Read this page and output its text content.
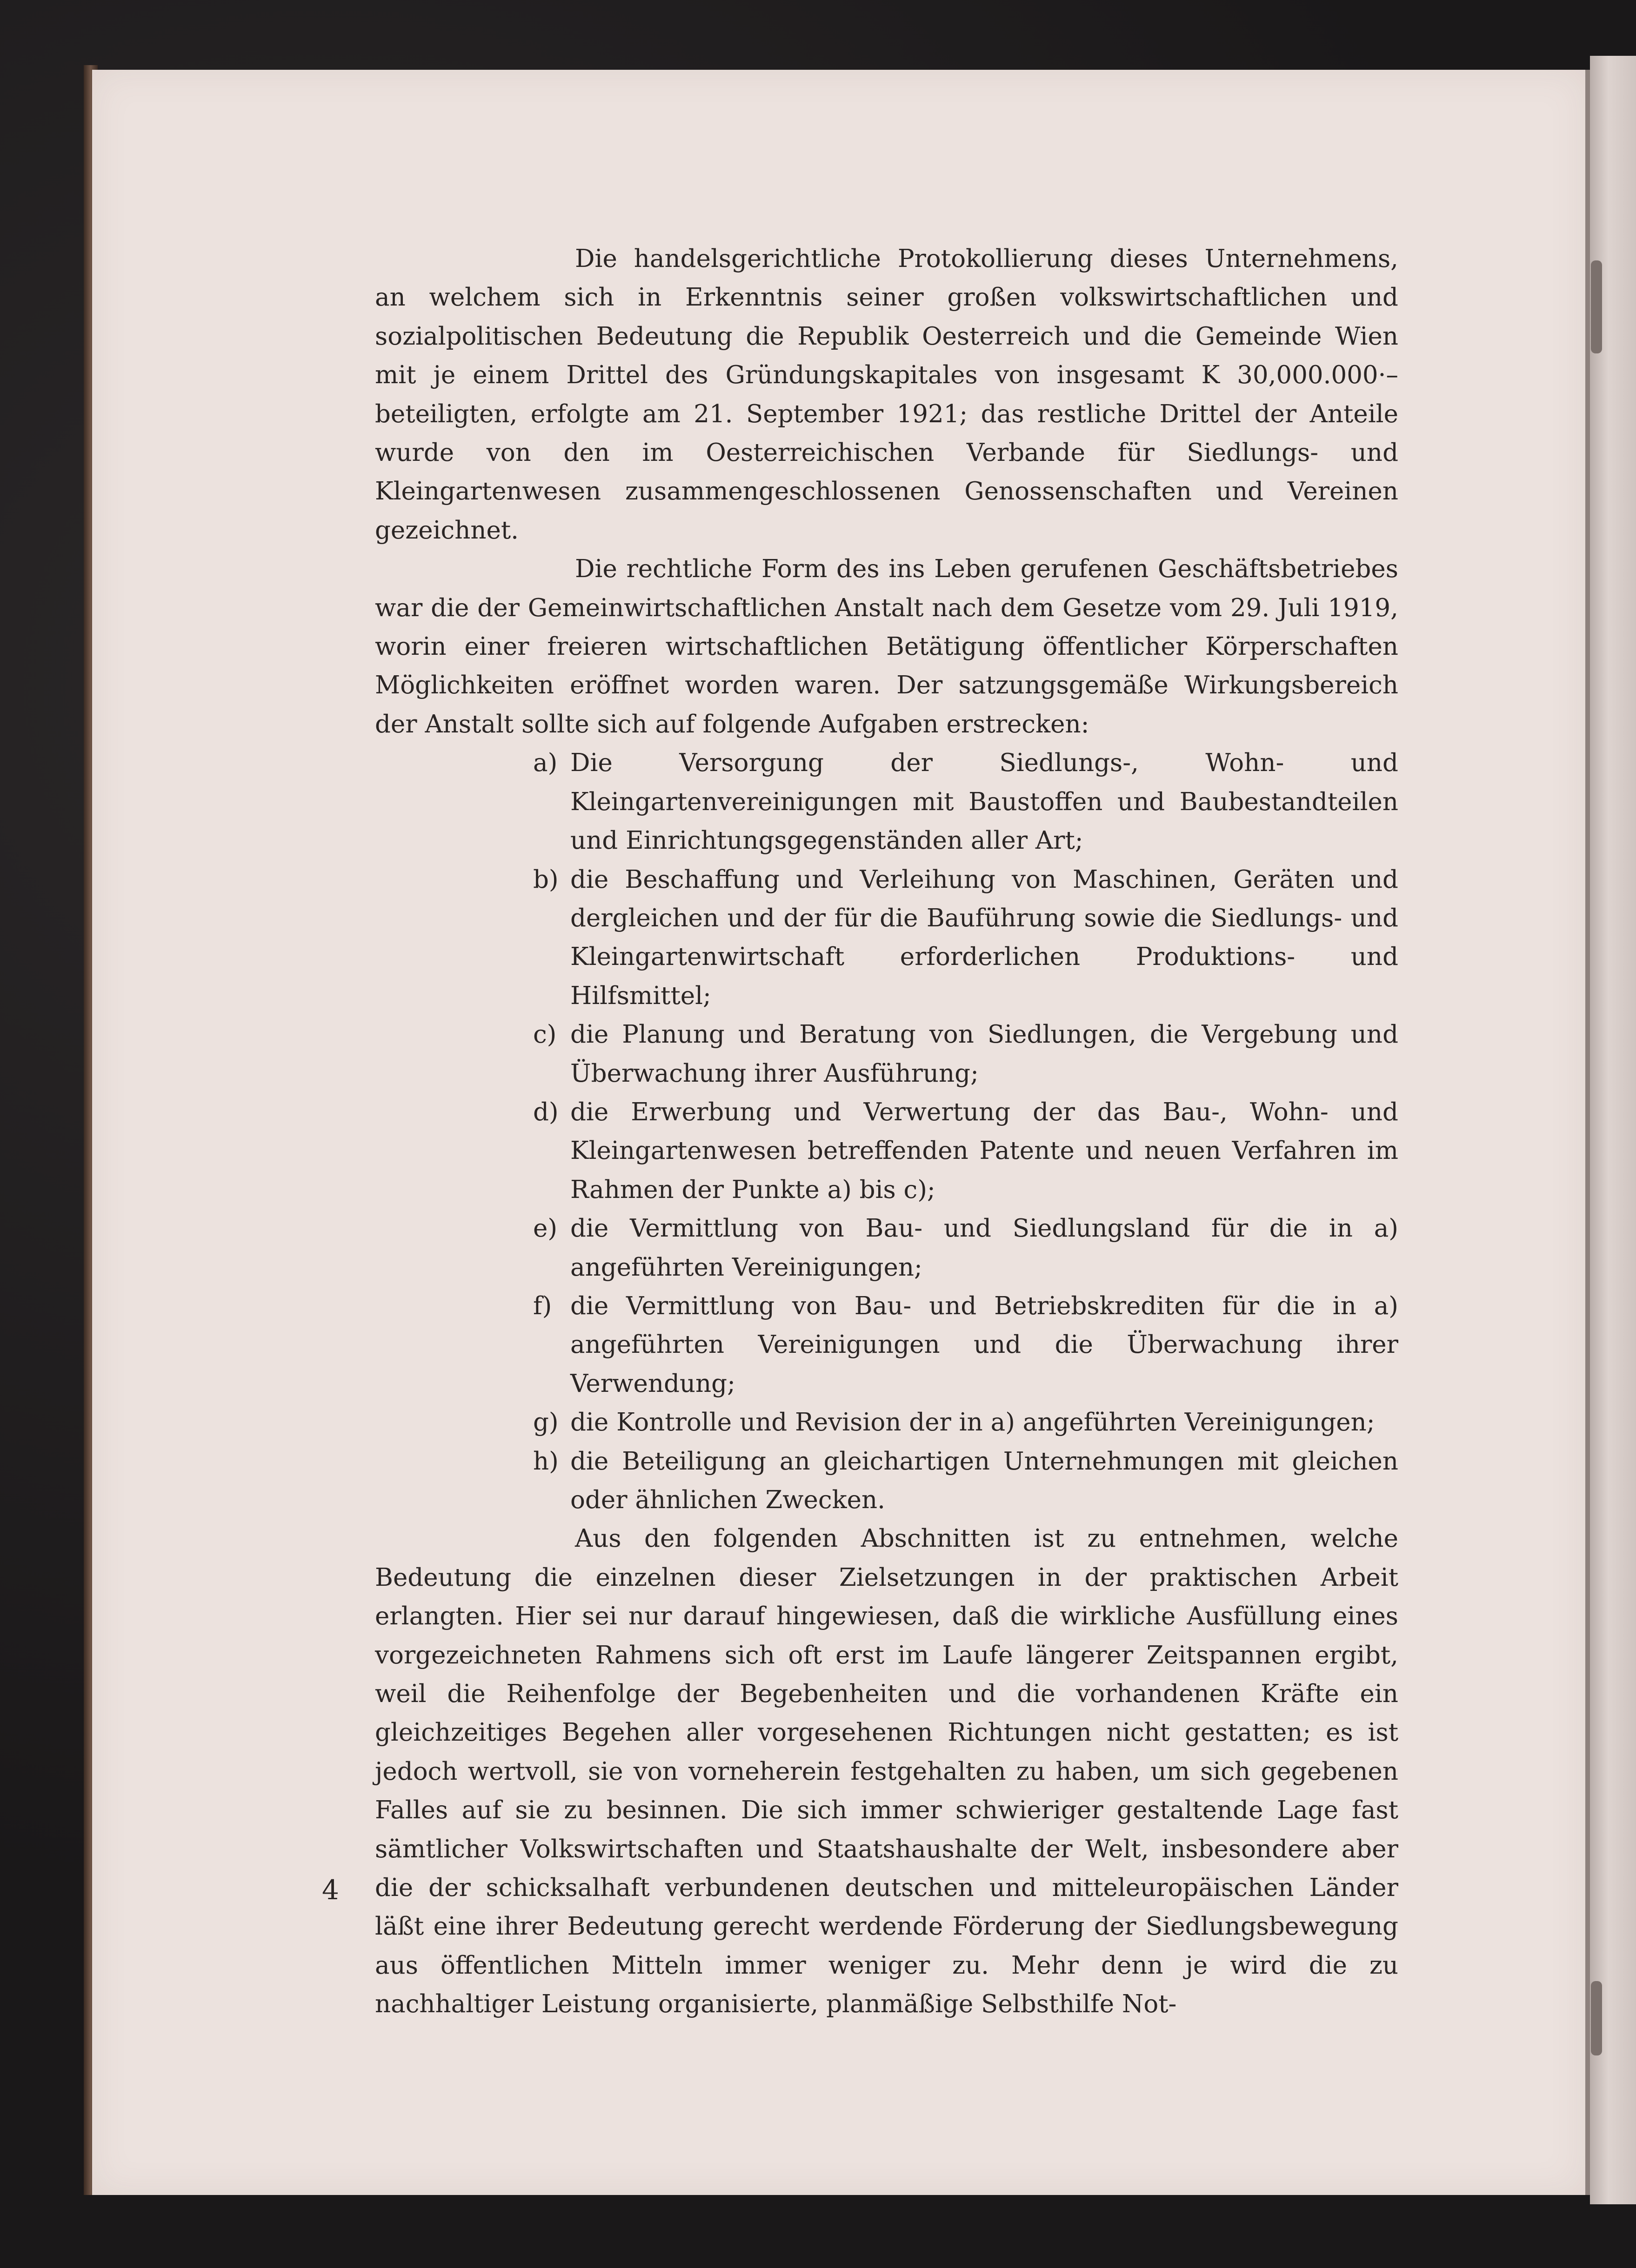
Die handelsgerichtliche Protokollierung dieses Unternehmens, an welchem sich in Erkenntnis seiner großen volkswirtschaftlichen und sozialpolitischen Bedeutung die Republik Oesterreich und die Gemeinde Wien mit je einem Drittel des Gründungskapitales von insgesamt K 30,000.000·– beteiligten, erfolgte am 21. September 1921; das restliche Drittel der Anteile wurde von den im Oesterreichischen Verbande für Siedlungs- und Kleingartenwesen zusammengeschlossenen Genossenschaften und Vereinen gezeichnet.

Die rechtliche Form des ins Leben gerufenen Geschäftsbetriebes war die der Gemeinwirtschaftlichen Anstalt nach dem Gesetze vom 29. Juli 1919, worin einer freieren wirtschaftlichen Betätigung öffentlicher Körperschaften Möglichkeiten eröffnet worden waren. Der satzungsgemäße Wirkungsbereich der Anstalt sollte sich auf folgende Aufgaben erstrecken:

a) Die Versorgung der Siedlungs-, Wohn- und Kleingartenvereinigungen mit Baustoffen und Baubestandteilen und Einrichtungsgegenständen aller Art;
b) die Beschaffung und Verleihung von Maschinen, Geräten und dergleichen und der für die Bauführung sowie die Siedlungs- und Kleingartenwirtschaft erforderlichen Produktions- und Hilfsmittel;
c) die Planung und Beratung von Siedlungen, die Vergebung und Überwachung ihrer Ausführung;
d) die Erwerbung und Verwertung der das Bau-, Wohn- und Kleingartenwesen betreffenden Patente und neuen Verfahren im Rahmen der Punkte a) bis c);
e) die Vermittlung von Bau- und Siedlungsland für die in a) angeführten Vereinigungen;
f) die Vermittlung von Bau- und Betriebskrediten für die in a) angeführten Vereinigungen und die Überwachung ihrer Verwendung;
g) die Kontrolle und Revision der in a) angeführten Vereinigungen;
h) die Beteiligung an gleichartigen Unternehmungen mit gleichen oder ähnlichen Zwecken.

Aus den folgenden Abschnitten ist zu entnehmen, welche Bedeutung die einzelnen dieser Zielsetzungen in der praktischen Arbeit erlangten. Hier sei nur darauf hingewiesen, daß die wirkliche Ausfüllung eines vorgezeichneten Rahmens sich oft erst im Laufe längerer Zeitspannen ergibt, weil die Reihenfolge der Begebenheiten und die vorhandenen Kräfte ein gleichzeitiges Begehen aller vorgesehenen Richtungen nicht gestatten; es ist jedoch wertvoll, sie von vorneherein festgehalten zu haben, um sich gegebenen Falles auf sie zu besinnen. Die sich immer schwieriger gestaltende Lage fast sämtlicher Volkswirtschaften und Staatshaushalte der Welt, insbesondere aber die der schicksalhaft verbundenen deutschen und mitteleuropäischen Länder läßt eine ihrer Bedeutung gerecht werdende Förderung der Siedlungsbewegung aus öffentlichen Mitteln immer weniger zu. Mehr denn je wird die zu nachhaltiger Leistung organisierte, planmäßige Selbsthilfe Not-

4
